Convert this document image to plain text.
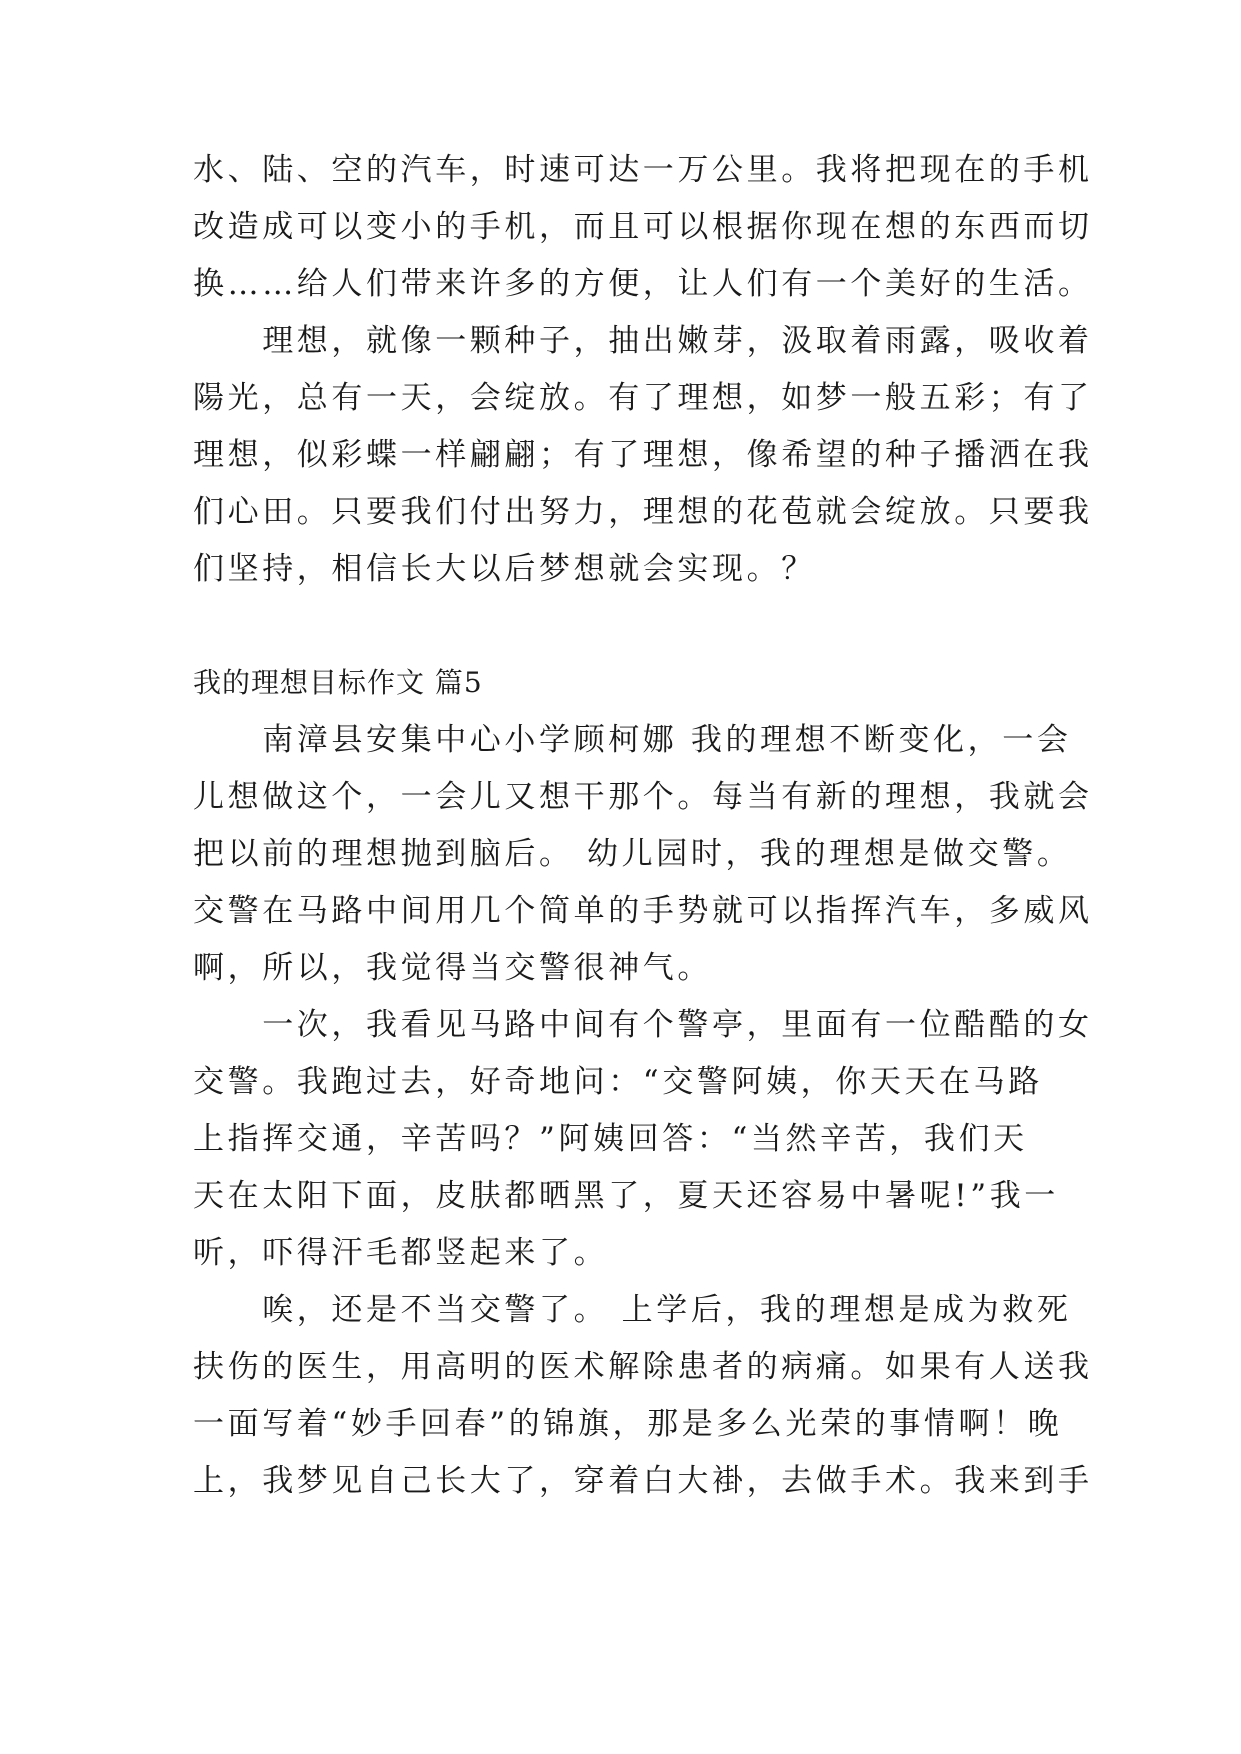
水、陆、空的汽车，时速可达一万公里。我将把现在的手机
改造成可以变小的手机，而且可以根据你现在想的东西而切
换……给人们带来许多的方便，让人们有一个美好的生活。
　　理想，就像一颗种子，抽出嫩芽，汲取着雨露，吸收着
陽光，总有一天，会绽放。有了理想，如梦一般五彩；有了
理想，似彩蝶一样翩翩；有了理想，像希望的种子播洒在我
们心田。只要我们付出努力，理想的花苞就会绽放。只要我
们坚持，相信长大以后梦想就会实现。？
我的理想目标作文 篇5
　　南漳县安集中心小学顾柯娜 我的理想不断变化，一会
儿想做这个，一会儿又想干那个。每当有新的理想，我就会
把以前的理想抛到脑后。 幼儿园时，我的理想是做交警。
交警在马路中间用几个简单的手势就可以指挥汽车，多威风
啊，所以，我觉得当交警很神气。
　　一次，我看见马路中间有个警亭，里面有一位酷酷的女
交警。我跑过去，好奇地问：“交警阿姨，你天天在马路
上指挥交通，辛苦吗？”阿姨回答：“当然辛苦，我们天
天在太阳下面，皮肤都晒黑了，夏天还容易中暑呢!”我一
听，吓得汗毛都竖起来了。
　　唉，还是不当交警了。 上学后，我的理想是成为救死
扶伤的医生，用高明的医术解除患者的病痛。如果有人送我
一面写着“妙手回春”的锦旗，那是多么光荣的事情啊！晚
上，我梦见自己长大了，穿着白大褂，去做手术。我来到手
